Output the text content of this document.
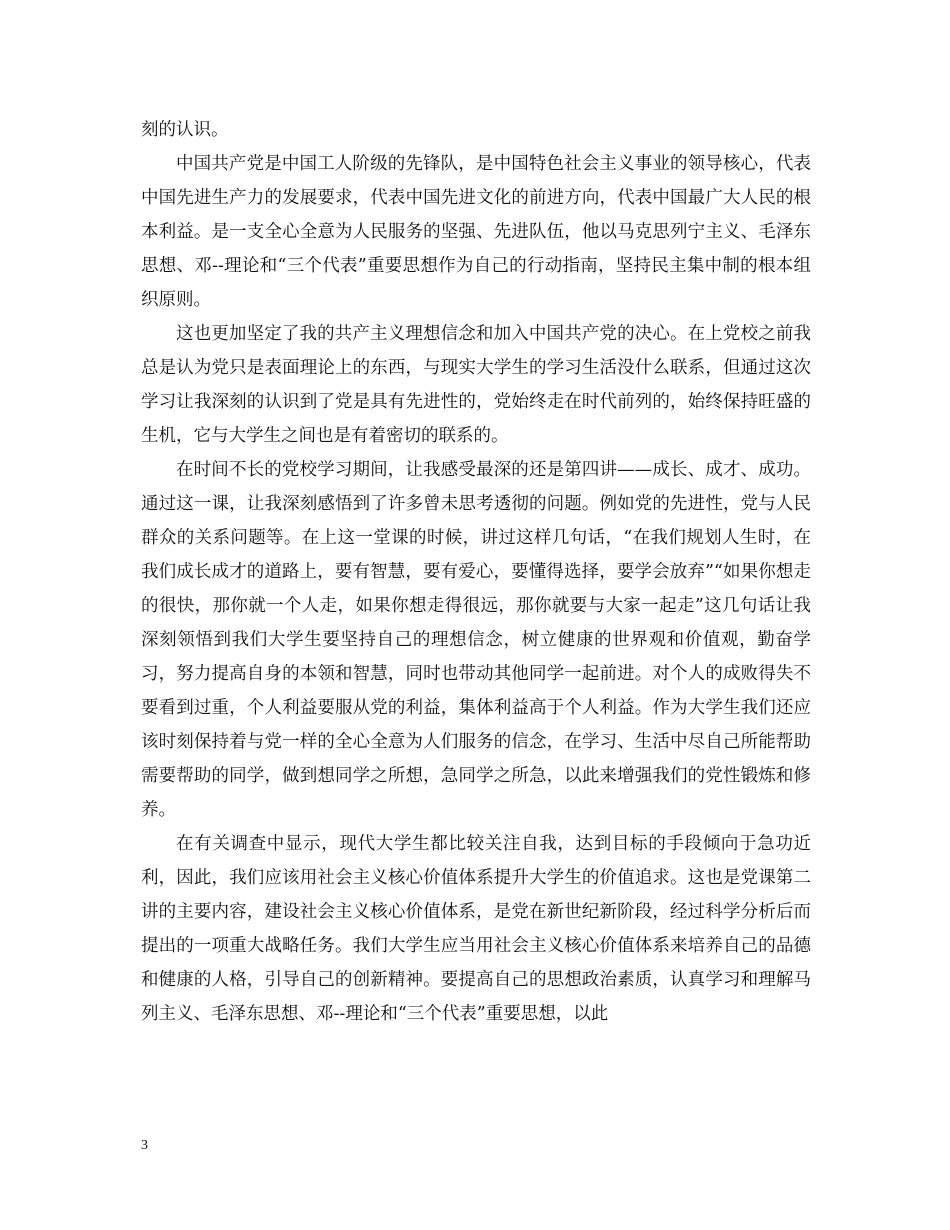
刻的认识。

中国共产党是中国工人阶级的先锋队，是中国特色社会主义事业的领导核心，代表中国先进生产力的发展要求，代表中国先进文化的前进方向，代表中国最广大人民的根本利益。是一支全心全意为人民服务的坚强、先进队伍，他以马克思列宁主义、毛泽东思想、邓--理论和“三个代表”重要思想作为自己的行动指南，坚持民主集中制的根本组织原则。

这也更加坚定了我的共产主义理想信念和加入中国共产党的决心。在上党校之前我总是认为党只是表面理论上的东西，与现实大学生的学习生活没什么联系，但通过这次学习让我深刻的认识到了党是具有先进性的，党始终走在时代前列的，始终保持旺盛的生机，它与大学生之间也是有着密切的联系的。

在时间不长的党校学习期间，让我感受最深的还是第四讲——成长、成才、成功。通过这一课，让我深刻感悟到了许多曾未思考透彻的问题。例如党的先进性，党与人民群众的关系问题等。在上这一堂课的时候，讲过这样几句话，“在我们规划人生时，在我们成长成才的道路上，要有智慧，要有爱心，要懂得选择，要学会放弃”“如果你想走的很快，那你就一个人走，如果你想走得很远，那你就要与大家一起走”这几句话让我深刻领悟到我们大学生要坚持自己的理想信念，树立健康的世界观和价值观，勤奋学习，努力提高自身的本领和智慧，同时也带动其他同学一起前进。对个人的成败得失不要看到过重，个人利益要服从党的利益，集体利益高于个人利益。作为大学生我们还应该时刻保持着与党一样的全心全意为人们服务的信念，在学习、生活中尽自己所能帮助需要帮助的同学，做到想同学之所想，急同学之所急，以此来增强我们的党性锻炼和修养。

在有关调查中显示，现代大学生都比较关注自我，达到目标的手段倾向于急功近利，因此，我们应该用社会主义核心价值体系提升大学生的价值追求。这也是党课第二讲的主要内容，建设社会主义核心价值体系，是党在新世纪新阶段，经过科学分析后而提出的一项重大战略任务。我们大学生应当用社会主义核心价值体系来培养自己的品德和健康的人格，引导自己的创新精神。要提高自己的思想政治素质，认真学习和理解马列主义、毛泽东思想、邓--理论和“三个代表”重要思想，以此

3
